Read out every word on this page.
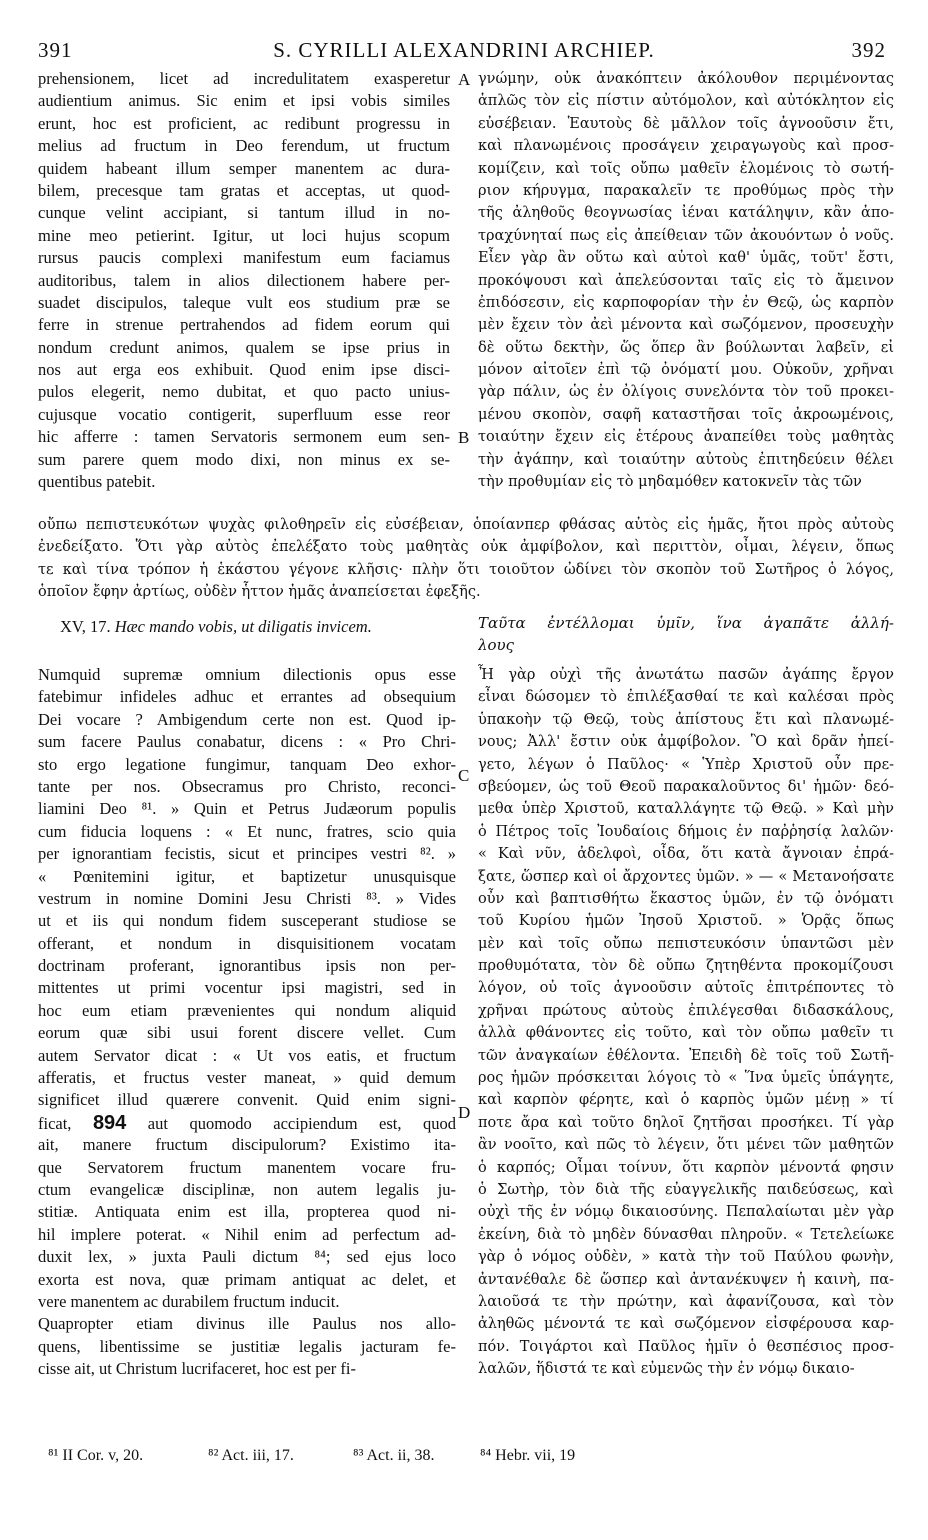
391	S. CYRILLI ALEXANDRINI ARCHIEP.	392
prehensionem, licet ad incredulitatem exasperetur
audientium animus. Sic enim et ipsi vobis similes
erunt, hoc est proficient, ac redibunt progressu in
melius ad fructum in Deo ferendum, ut fructum
quidem habeant illum semper manentem ac dura-
bilem, precesque tam gratas et acceptas, ut quod-
cunque velint accipiant, si tantum illud in no-
mine meo petierint. Igitur, ut loci hujus scopum
rursus paucis complexi manifestum eum faciamus
auditoribus, talem in alios dilectionem habere per-
suadet discipulos, taleque vult eos studium præ se
ferre in strenue pertrahendos ad fidem eorum qui
nondum credunt animos, qualem se ipse prius in
nos aut erga eos exhibuit. Quod enim ipse disci-
pulos elegerit, nemo dubitat, et quo pacto unius-
cujusque vocatio contigerit, superfluum esse reor
hic afferre : tamen Servatoris sermonem eum sen-
sum parere quem modo dixi, non minus ex se-
quentibus patebit.
γνώμην, οὐκ ἀνακόπτειν ἀκόλουθον περιμένοντας
ἁπλῶς τὸν εἰς πίστιν αὐτόμολον, καὶ αὐτόκλητον εἰς
εὐσέβειαν. Ἑαυτοὺς δὲ μᾶλλον τοῖς ἀγνοοῦσιν ἔτι,
καὶ πλανωμένοις προσάγειν χειραγωγοὺς καὶ προσ-
κομίζειν, καὶ τοῖς οὔπω μαθεῖν ἑλομένοις τὸ σωτή-
ριον κήρυγμα, παρακαλεῖν τε προθύμως πρὸς τὴν
τῆς ἀληθοῦς θεογνωσίας ἰέναι κατάληψιν, κἂν ἀπο-
τραχύνηταί πως εἰς ἀπείθειαν τῶν ἀκουόντων ὁ νοῦς.
Εἶεν γὰρ ἂν οὕτω καὶ αὐτοὶ καθ' ὑμᾶς, τοῦτ' ἔστι,
προκόψουσι καὶ ἀπελεύσονται ταῖς εἰς τὸ ἄμεινον
ἐπιδόσεσιν, εἰς καρποφορίαν τὴν ἐν Θεῷ, ὡς καρπὸν
μὲν ἔχειν τὸν ἀεὶ μένοντα καὶ σωζόμενον, προσευχὴν
δὲ οὕτω δεκτὴν, ὥς ὅπερ ἂν βούλωνται λαβεῖν, εἰ
μόνον αἰτοῖεν ἐπὶ τῷ ὀνόματί μου. Οὐκοῦν, χρῆναι
γὰρ πάλιν, ὡς ἐν ὀλίγοις συνελόντα τὸν τοῦ προκει-
μένου σκοπὸν, σαφῆ καταστῆσαι τοῖς ἀκροωμένοις,
τοιαύτην ἔχειν εἰς ἑτέρους ἀναπείθει τοὺς μαθητὰς
τὴν ἀγάπην, καὶ τοιαύτην αὐτοὺς ἐπιτηδεύειν θέλει
τὴν προθυμίαν εἰς τὸ μηδαμόθεν κατοκνεῖν τὰς τῶν
A
B
C
D
οὔπω πεπιστευκότων ψυχὰς φιλοθηρεῖν εἰς εὐσέβειαν, ὁποίανπερ φθάσας αὐτὸς εἰς ἡμᾶς, ἤτοι πρὸς αὐτοὺς
ἐνεδείξατο. Ὅτι γὰρ αὐτὸς ἐπελέξατο τοὺς μαθητὰς οὐκ ἀμφίβολον, καὶ περιττὸν, οἶμαι, λέγειν, ὅπως
τε καὶ τίνα τρόπον ἡ ἑκάστου γέγονε κλῆσις· πλὴν ὅτι τοιοῦτον ὠδίνει τὸν σκοπὸν τοῦ Σωτῆρος ὁ λόγος,
ὁποῖον ἔφην ἀρτίως, οὐδὲν ἧττον ἡμᾶς ἀναπείσεται ἐφεξῆς.
XV, 17. Hæc mando vobis, ut diligatis invicem.	Ταῦτα ἐντέλλομαι ὑμῖν, ἵνα ἀγαπᾶτε ἀλλή-
λους
Numquid supremæ omnium dilectionis opus esse
fatebimur infideles adhuc et errantes ad obsequium
Dei vocare ? Ambigendum certe non est. Quod ip-
sum facere Paulus conabatur, dicens : « Pro Chri-
sto ergo legatione fungimur, tanquam Deo exhor-
tante per nos. Obsecramus pro Christo, reconci-
liamini Deo ⁸¹. » Quin et Petrus Judæorum populis
cum fiducia loquens : « Et nunc, fratres, scio quia
per ignorantiam fecistis, sicut et principes vestri ⁸². »
« Pœnitemini igitur, et baptizetur unusquisque
vestrum in nomine Domini Jesu Christi ⁸³. » Vides
ut et iis qui nondum fidem susceperant studiose se
offerant, et nondum in disquisitionem vocatam
doctrinam proferant, ignorantibus ipsis non per-
mittentes ut primi vocentur ipsi magistri, sed in
hoc eum etiam prævenientes qui nondum aliquid
eorum quæ sibi usui forent discere vellet. Cum
autem Servator dicat : « Ut vos eatis, et fructum
afferatis, et fructus vester maneat, » quid demum
significet illud quærere convenit. Quid enim signi-
ficat, 894 aut quomodo accipiendum est, quod
ait, manere fructum discipulorum? Existimo ita-
que Servatorem fructum manentem vocare fru-
ctum evangelicæ disciplinæ, non autem legalis ju-
stitiæ. Antiquata enim est illa, propterea quod ni-
hil implere poterat. « Nihil enim ad perfectum ad-
duxit lex, » juxta Pauli dictum ⁸⁴; sed ejus loco
exorta est nova, quæ primam antiquat ac delet, et
vere manentem ac durabilem fructum inducit.
Quapropter etiam divinus ille Paulus nos allo-
quens, libentissime se justitiæ legalis jacturam fe-
cisse ait, ut Christum lucrifaceret, hoc est per fi-
Ἦ γὰρ οὐχὶ τῆς ἀνωτάτω πασῶν ἀγάπης ἔργον
εἶναι δώσομεν τὸ ἐπιλέξασθαί τε καὶ καλέσαι πρὸς
ὑπακοὴν τῷ Θεῷ, τοὺς ἀπίστους ἔτι καὶ πλανωμέ-
νους; Ἀλλ' ἔστιν οὐκ ἀμφίβολον. Ὃ καὶ δρᾶν ἠπεί-
γετο, λέγων ὁ Παῦλος· « Ὑπὲρ Χριστοῦ οὖν πρε-
σβεύομεν, ὡς τοῦ Θεοῦ παρακαλοῦντος δι' ἡμῶν· δεό-
μεθα ὑπὲρ Χριστοῦ, καταλλάγητε τῷ Θεῷ. » Καὶ μὴν
ὁ Πέτρος τοῖς Ἰουδαίοις δήμοις ἐν παῤῥησίᾳ λαλῶν·
« Καὶ νῦν, ἀδελφοὶ, οἶδα, ὅτι κατὰ ἄγνοιαν ἐπρά-
ξατε, ὥσπερ καὶ οἱ ἄρχοντες ὑμῶν. » — « Μετανοήσατε
οὖν καὶ βαπτισθήτω ἕκαστος ὑμῶν, ἐν τῷ ὀνόματι
τοῦ Κυρίου ἡμῶν Ἰησοῦ Χριστοῦ. » Ὁρᾷς ὅπως
μὲν καὶ τοῖς οὔπω πεπιστευκόσιν ὑπαντῶσι μὲν
προθυμότατα, τὸν δὲ οὔπω ζητηθέντα προκομίζουσι
λόγον, οὐ τοῖς ἀγνοοῦσιν αὐτοῖς ἐπιτρέποντες τὸ
χρῆναι πρώτους αὐτοὺς ἐπιλέγεσθαι διδασκάλους,
ἀλλὰ φθάνοντες εἰς τοῦτο, καὶ τὸν οὔπω μαθεῖν τι
τῶν ἀναγκαίων ἐθέλοντα. Ἐπειδὴ δὲ τοῖς τοῦ Σωτῆ-
ρος ἡμῶν πρόσκειται λόγοις τὸ « Ἵνα ὑμεῖς ὑπάγητε,
καὶ καρπὸν φέρητε, καὶ ὁ καρπὸς ὑμῶν μένῃ » τί
ποτε ἄρα καὶ τοῦτο δηλοῖ ζητῆσαι προσήκει. Τί γὰρ
ἂν νοοῖτο, καὶ πῶς τὸ λέγειν, ὅτι μένει τῶν μαθητῶν
ὁ καρπός; Οἶμαι τοίνυν, ὅτι καρπὸν μένοντά φησιν
ὁ Σωτὴρ, τὸν διὰ τῆς εὐαγγελικῆς παιδεύσεως, καὶ
οὐχὶ τῆς ἐν νόμῳ δικαιοσύνης. Πεπαλαίωται μὲν γὰρ
ἐκείνη, διὰ τὸ μηδὲν δύνασθαι πληροῦν. « Τετελείωκε
γὰρ ὁ νόμος οὐδὲν, » κατὰ τὴν τοῦ Παύλου φωνὴν,
ἀντανέθαλε δὲ ὥσπερ καὶ ἀντανέκυψεν ἡ καινὴ, πα-
λαιοῦσά τε τὴν πρώτην, καὶ ἀφανίζουσα, καὶ τὸν
ἀληθῶς μένοντά τε καὶ σωζόμενον εἰσφέρουσα καρ-
πόν. Τοιγάρτοι καὶ Παῦλος ἡμῖν ὁ θεσπέσιος προσ-
λαλῶν, ἥδιστά τε καὶ εὐμενῶς τὴν ἐν νόμῳ δικαιο-
⁸¹ II Cor. v, 20.	⁸² Act. iii, 17.	⁸³ Act. ii, 38.	⁸⁴ Hebr. vii, 19
